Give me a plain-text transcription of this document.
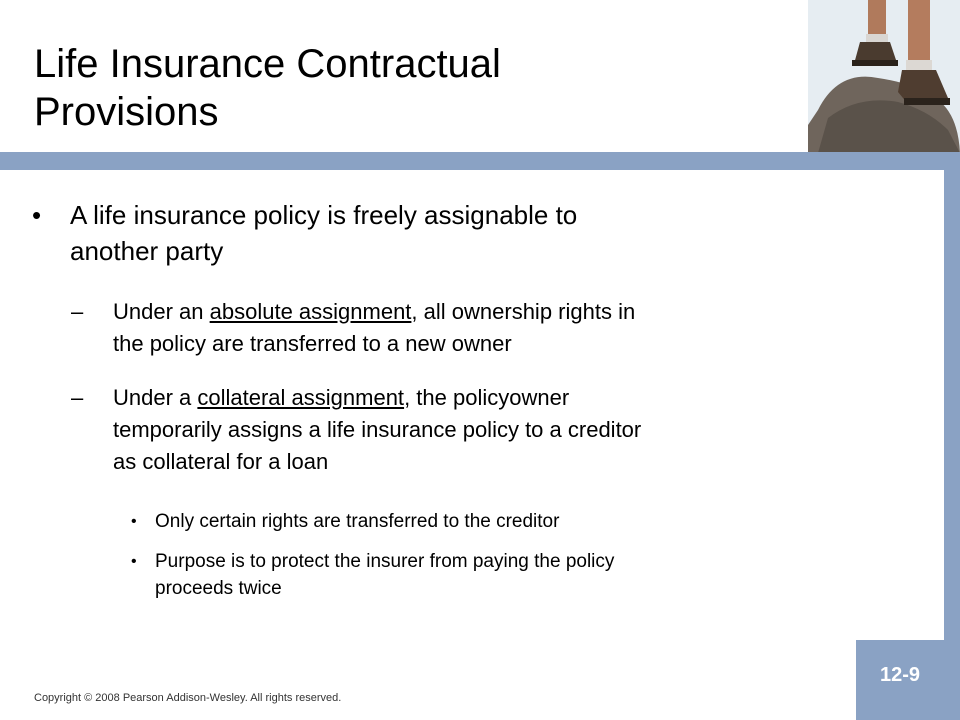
Life Insurance Contractual
Provisions
• A life insurance policy is freely assignable to
another party
– Under an absolute assignment, all ownership rights in
the policy are transferred to a new owner
– Under a collateral assignment, the policyowner
temporarily assigns a life insurance policy to a creditor
as collateral for a loan
• Only certain rights are transferred to the creditor
• Purpose is to protect the insurer from paying the policy
proceeds twice
Copyright © 2008 Pearson Addison-Wesley. All rights reserved.
12-9
